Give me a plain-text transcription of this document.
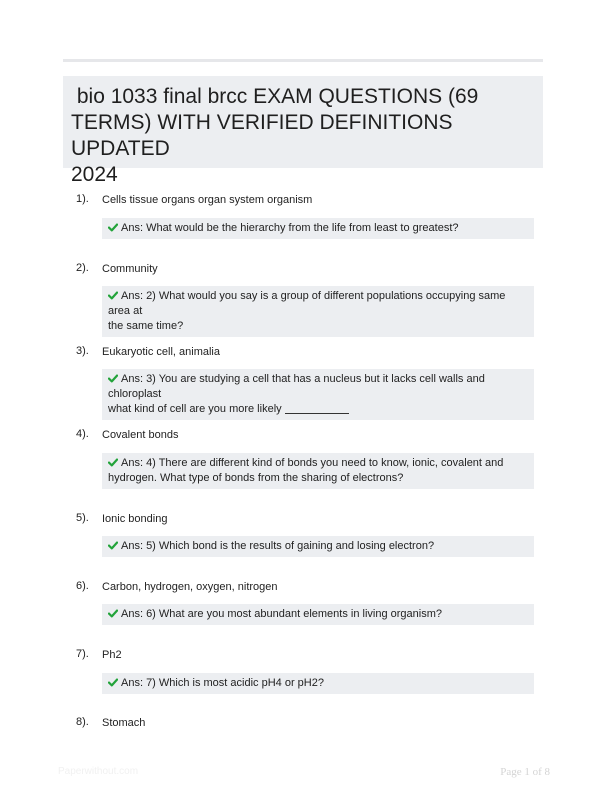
bio 1033 final brcc EXAM QUESTIONS (69
TERMS) WITH VERIFIED DEFINITIONS UPDATED
2024
1). Cells tissue organs organ system organism
Ans: What would be the hierarchy from the life from least to greatest?
2). Community
Ans: 2) What would you say is a group of different populations occupying same area at
the same time?
3). Eukaryotic cell, animalia
Ans: 3) You are studying a cell that has a nucleus but it lacks cell walls and chloroplast
what kind of cell are you more likely
4). Covalent bonds
Ans: 4) There are different kind of bonds you need to know, ionic, covalent and
hydrogen. What type of bonds from the sharing of electrons?
5). Ionic bonding
Ans: 5) Which bond is the results of gaining and losing electron?
6). Carbon, hydrogen, oxygen, nitrogen
Ans: 6) What are you most abundant elements in living organism?
7). Ph2
Ans: 7) Which is most acidic pH4 or pH2?
8). Stomach
Paperwithout.com	Page 1 of 8
